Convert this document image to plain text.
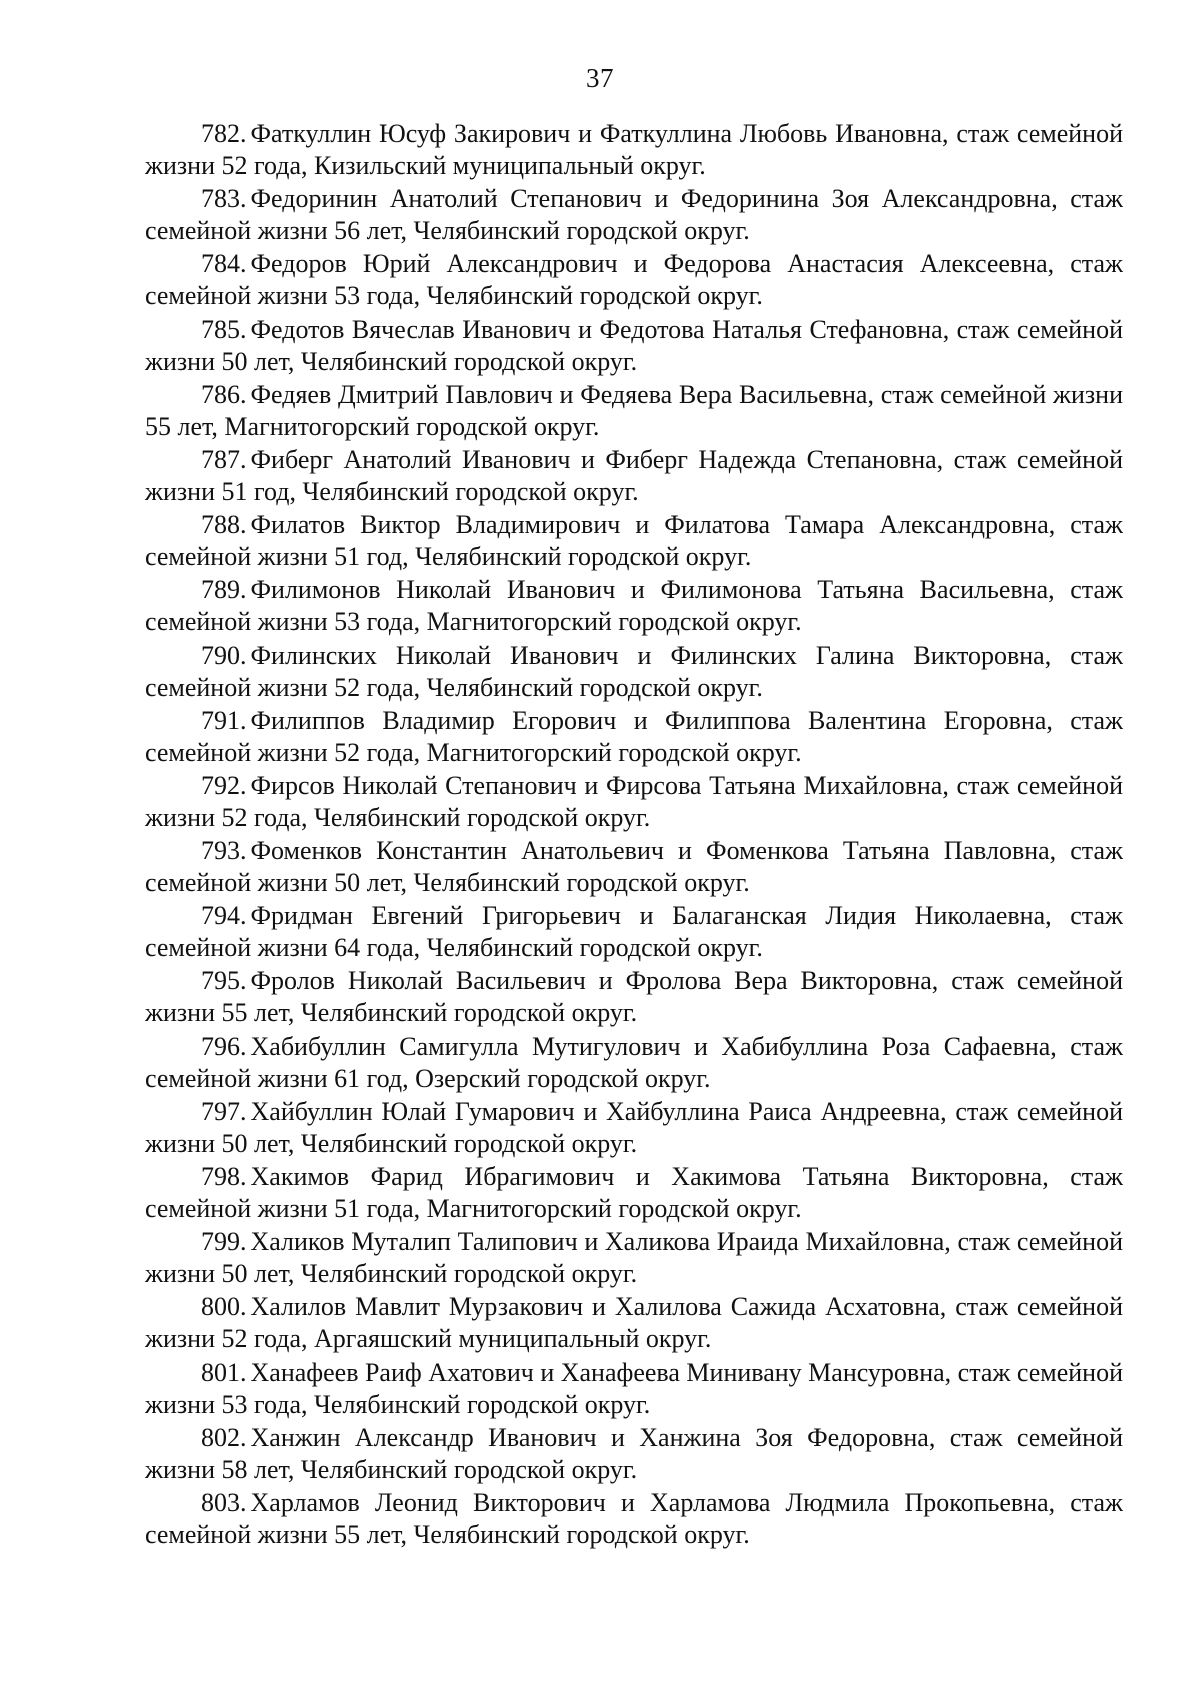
37

782. Фаткуллин Юсуф Закирович и Фаткуллина Любовь Ивановна, стаж семейной жизни 52 года, Кизильский муниципальный округ.

783. Федоринин Анатолий Степанович и Федоринина Зоя Александровна, стаж семейной жизни 56 лет, Челябинский городской округ.

784. Федоров Юрий Александрович и Федорова Анастасия Алексеевна, стаж семейной жизни 53 года, Челябинский городской округ.

785. Федотов Вячеслав Иванович и Федотова Наталья Стефановна, стаж семейной жизни 50 лет, Челябинский городской округ.

786. Федяев Дмитрий Павлович и Федяева Вера Васильевна, стаж семейной жизни 55 лет, Магнитогорский городской округ.

787. Фиберг Анатолий Иванович и Фиберг Надежда Степановна, стаж семейной жизни 51 год, Челябинский городской округ.

788. Филатов Виктор Владимирович и Филатова Тамара Александровна, стаж семейной жизни 51 год, Челябинский городской округ.

789. Филимонов Николай Иванович и Филимонова Татьяна Васильевна, стаж семейной жизни 53 года, Магнитогорский городской округ.

790. Филинских Николай Иванович и Филинских Галина Викторовна, стаж семейной жизни 52 года, Челябинский городской округ.

791. Филиппов Владимир Егорович и Филиппова Валентина Егоровна, стаж семейной жизни 52 года, Магнитогорский городской округ.

792. Фирсов Николай Степанович и Фирсова Татьяна Михайловна, стаж семейной жизни 52 года, Челябинский городской округ.

793. Фоменков Константин Анатольевич и Фоменкова Татьяна Павловна, стаж семейной жизни 50 лет, Челябинский городской округ.

794. Фридман Евгений Григорьевич и Балаганская Лидия Николаевна, стаж семейной жизни 64 года, Челябинский городской округ.

795. Фролов Николай Васильевич и Фролова Вера Викторовна, стаж семейной жизни 55 лет, Челябинский городской округ.

796. Хабибуллин Самигулла Мутигулович и Хабибуллина Роза Сафаевна, стаж семейной жизни 61 год, Озерский городской округ.

797. Хайбуллин Юлай Гумарович и Хайбуллина Раиса Андреевна, стаж семейной жизни 50 лет, Челябинский городской округ.

798. Хакимов Фарид Ибрагимович и Хакимова Татьяна Викторовна, стаж семейной жизни 51 года, Магнитогорский городской округ.

799. Халиков Муталип Талипович и Халикова Ираида Михайловна, стаж семейной жизни 50 лет, Челябинский городской округ.

800. Халилов Мавлит Мурзакович и Халилова Сажида Асхатовна, стаж семейной жизни 52 года, Аргаяшский муниципальный округ.

801. Ханафеев Раиф Ахатович и Ханафеева Минивану Мансуровна, стаж семейной жизни 53 года, Челябинский городской округ.

802. Ханжин Александр Иванович и Ханжина Зоя Федоровна, стаж семейной жизни 58 лет, Челябинский городской округ.

803. Харламов Леонид Викторович и Харламова Людмила Прокопьевна, стаж семейной жизни 55 лет, Челябинский городской округ.
